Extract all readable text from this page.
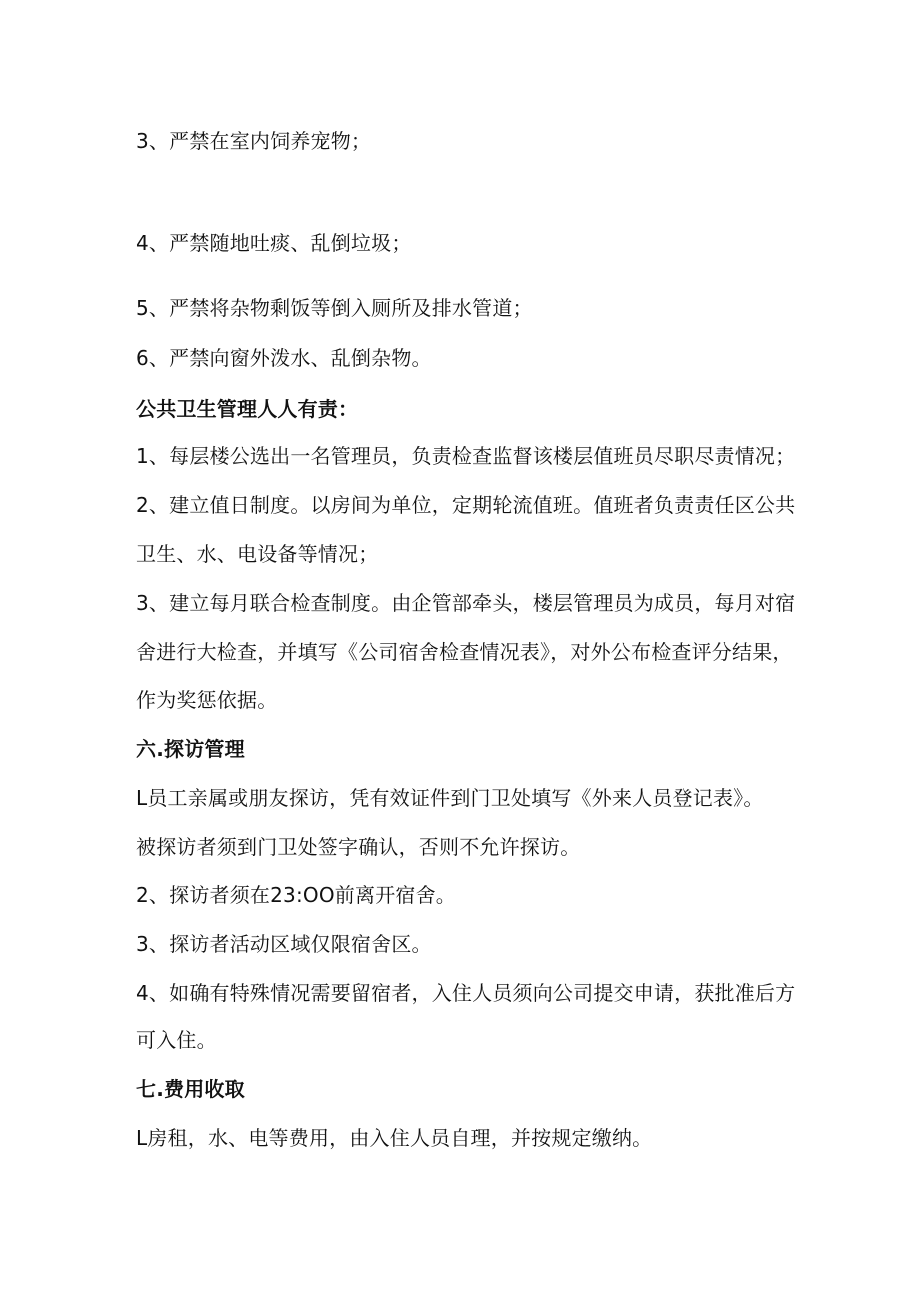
3、严禁在室内饲养宠物；
4、严禁随地吐痰、乱倒垃圾；
5、严禁将杂物剩饭等倒入厕所及排水管道；
6、严禁向窗外泼水、乱倒杂物。
公共卫生管理人人有责：
1、每层楼公选出一名管理员，负责检查监督该楼层值班员尽职尽责情况；
2、建立值日制度。以房间为单位，定期轮流值班。值班者负责责任区公共
卫生、水、电设备等情况；
3、建立每月联合检查制度。由企管部牵头，楼层管理员为成员，每月对宿
舍进行大检查，并填写《公司宿舍检查情况表》，对外公布检查评分结果，
作为奖惩依据。
六.探访管理
L员工亲属或朋友探访，凭有效证件到门卫处填写《外来人员登记表》。
被探访者须到门卫处签字确认，否则不允许探访。
2、探访者须在23:OO前离开宿舍。
3、探访者活动区域仅限宿舍区。
4、如确有特殊情况需要留宿者，入住人员须向公司提交申请，获批准后方
可入住。
七.费用收取
L房租，水、电等费用，由入住人员自理，并按规定缴纳。
